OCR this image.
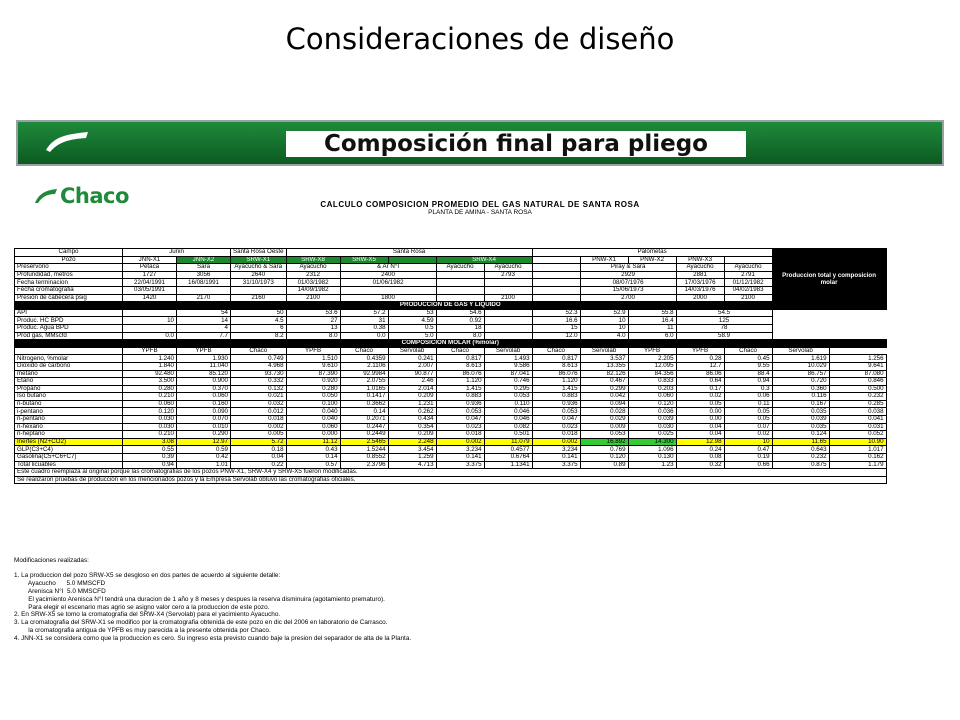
Consideraciones de diseño
Composición final para pliego
Chaco	CALCULO COMPOSICION PROMEDIO DEL GAS NATURAL DE SANTA ROSA
PLANTA DE AMINA - SANTA ROSA
Campo	Junin		Santa Rosa Oeste	Santa Rosa					Palometas					Produccion total y composicion molar	
Pozo	JNN-X1	JNN-X2	SRW-X1	SRW-X8	SRW-X5		SRW-X4			PNW-X1	PNW-X2	PNW-X3			
Preservorio	Petaca	Sara	Ayacucho & Sara	Ayacucho	& Ar N°I		Ayacucho	Ayacucho		Piray & Sara		Ayacucho	Ayacucho		
Profundidad, metros	1727	3056	2640	2312	2400			2793		2929		2881	2791		
Fecha terminacion	22/04/1991	16/08/1991	31/10/1973	01/03/1982	01/06/1982					08/07/1976		17/03/1976	01/12/1982		
Fecha cromatografia	03/05/1991			14/09/1982						15/06/1973		14/03/1976	04/02/1983		
Presion de cabecera psig	1420	2170	2160	2100	1800			2100		2700		2000	2100		
PRODUCCION DE GAS Y LIQUIDO															
API		54	50	53.6	57.2	53	54.6		52.3	52.9	55.8	54.5			
Produc. HC BPD	10	14	4.5	27	31	4.59	0.92		16.6	10	16.4	125			
Produc. Agua BPD		4	6	13	0.38	0.5	18		15	10	11	78			
Prod gas, MMscfd	0.0	7.7	8.2	8.0	0.0	5.0	8.0		12.0	4.0	6.0	58.9			
COMPOSICION MOLAR (%molar)															
	YPFB	YPFB	Chaco	YPFB	Chaco	Servolab	Chaco	Servolab	Chaco	Servolab	YPFB	YPFB	Chaco	Servolab	
Nitrogeno, %molar	1.240	1.930	0.749	1.510	0.4359	0.241	0.817	1.493	0.817	3.537	2.205	0.28	0.45	1.619	1.256
Dioxido de carbono	1.840	11.040	4.968	9.610	2.1106	2.007	8.613	9.586	8.613	13.355	12.095	12.7	9.55	10.029	9.641
metano	92.480	85.120	93.730	87.390	92.9984	90.877	86.076	87.041	86.076	82.126	84.356	86.06	88.4	86.757	87.080
Etano	3.500	0.900	0.332	0.920	2.0755	2.46	1.120	0.746	1.120	0.467	0.833	0.64	0.94	0.720	0.846
Propano	0.280	0.370	0.132	0.280	1.0165	2.014	1.415	0.295	1.415	0.299	0.203	0.17	0.3	0.360	0.500
Iso butano	0.210	0.060	0.021	0.050	0.1417	0.209	0.883	0.053	0.883	0.042	0.060	0.02	0.06	0.116	0.232
n-butano	0.060	0.160	0.032	0.100	0.3662	1.231	0.936	0.110	0.936	0.094	0.120	0.05	0.11	0.167	0.285
i-pentano	0.120	0.090	0.012	0.040	0.14	0.262	0.053	0.046	0.053	0.028	0.036	0.00	0.05	0.035	0.038
n-pentano	0.030	0.070	0.018	0.040	0.2071	0.434	0.047	0.046	0.047	0.029	0.039	0.00	0.05	0.039	0.041
n-hexano	0.030	0.010	0.002	0.060	0.2447	0.354	0.023	0.082	0.023	0.009	0.030	0.04	0.07	0.035	0.031
n-heptano	0.210	0.290	0.005	0.000	0.2449	0.209	0.018	0.501	0.018	0.053	0.025	0.04	0.02	0.124	0.052
Inertes (N2+CO2)	3.08	12.97	5.72	11.12	2.5465	2.248	0.002	11.079	0.002	16.892	14.300	12.98	10	11.65	10.90
GLP(C3+C4)	0.55	0.59	0.18	0.43	1.5244	3.454	3.234	0.4577	3.234	0.769	1.096	0.24	0.47	0.643	1.017
Gasolina(C5+C6+C7)	0.39	0.42	0.04	0.14	0.8552	1.259	0.141	0.6764	0.141	0.120	0.130	0.08	0.19	0.232	0.162
Total licuables	0.94	1.01	0.22	0.57	2.3796	4.713	3.375	1.1341	3.375	0.89	1.23	0.32	0.66	0.875	1.179
Este cuadro reemplaza al original porque las cromatografias de los pozos PNW-X1, SRW-X4 y SRW-X5 fueron modificadas.															
Se realizaron pruebas de produccion en los mencionados pozos y la Empresa Servolab obtuvo las cromatografias oficiales.															
Modificaciones realizadas:
1. La produccion del pozo SRW-X5 se desgloso en dos partes de acuerdo al siguiente detalle:
Ayacucho      5.0 MMSCFD
Arenisca N°I  5.0 MMSCFD
El yacimiento Arenisca N°I tendrá una duracion de 1 año y 8 meses y despues la reserva disminuira (agotamiento prematuro).
Para elegir el escenario mas agrio se asigno valor cero a la produccion de este pozo.
2. En SRW-X5 se tomo la cromatografia del SRW-X4 (Servolab) para el yacimiento Ayacucho.
3. La cromatografia del SRW-X1 se modifico por la cromatografia obtenida de este pozo en dic del 2006 en laboratorio de Carrasco.
la cromatografia antigua de YPFB es muy parecida a la presente obtenida por Chaco.
4. JNN-X1 se considera como que la produccion es cero. Su ingreso esta previsto cuando baje la presion del separador de alta de la Planta.
